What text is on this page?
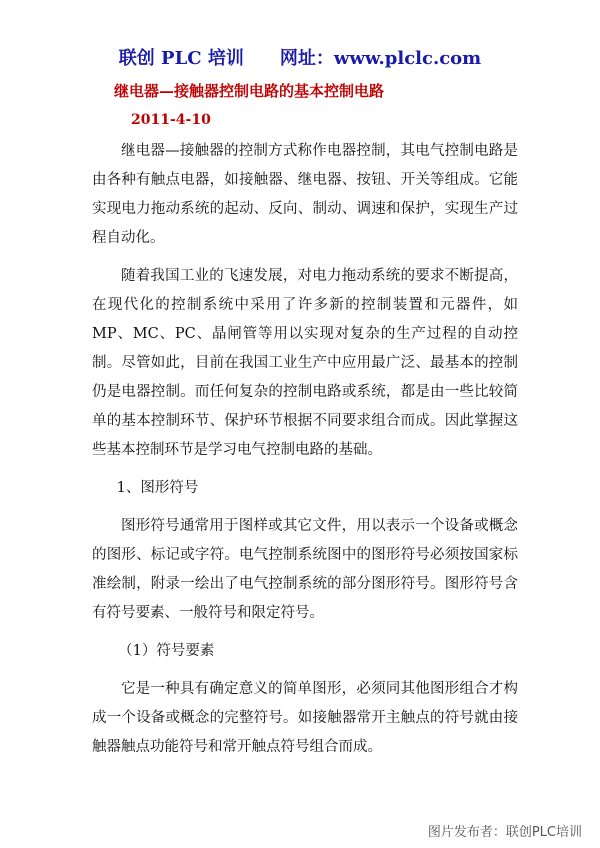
联创 PLC 培训 网址：www.plclc.com
继电器—接触器控制电路的基本控制电路
2011-4-10

继电器—接触器的控制方式称作电器控制，其电气控制电路是由各种有触点电器，如接触器、继电器、按钮、开关等组成。它能实现电力拖动系统的起动、反向、制动、调速和保护，实现生产过程自动化。

随着我国工业的飞速发展，对电力拖动系统的要求不断提高，在现代化的控制系统中采用了许多新的控制装置和元器件，如MP、MC、PC、晶闸管等用以实现对复杂的生产过程的自动控制。尽管如此，目前在我国工业生产中应用最广泛、最基本的控制仍是电器控制。而任何复杂的控制电路或系统，都是由一些比较简单的基本控制环节、保护环节根据不同要求组合而成。因此掌握这些基本控制环节是学习电气控制电路的基础。

1、图形符号

图形符号通常用于图样或其它文件，用以表示一个设备或概念的图形、标记或字符。电气控制系统图中的图形符号必须按国家标准绘制，附录一绘出了电气控制系统的部分图形符号。图形符号含有符号要素、一般符号和限定符号。

（1）符号要素

它是一种具有确定意义的简单图形，必须同其他图形组合才构成一个设备或概念的完整符号。如接触器常开主触点的符号就由接触器触点功能符号和常开触点符号组合而成。

图片发布者：联创PLC培训
